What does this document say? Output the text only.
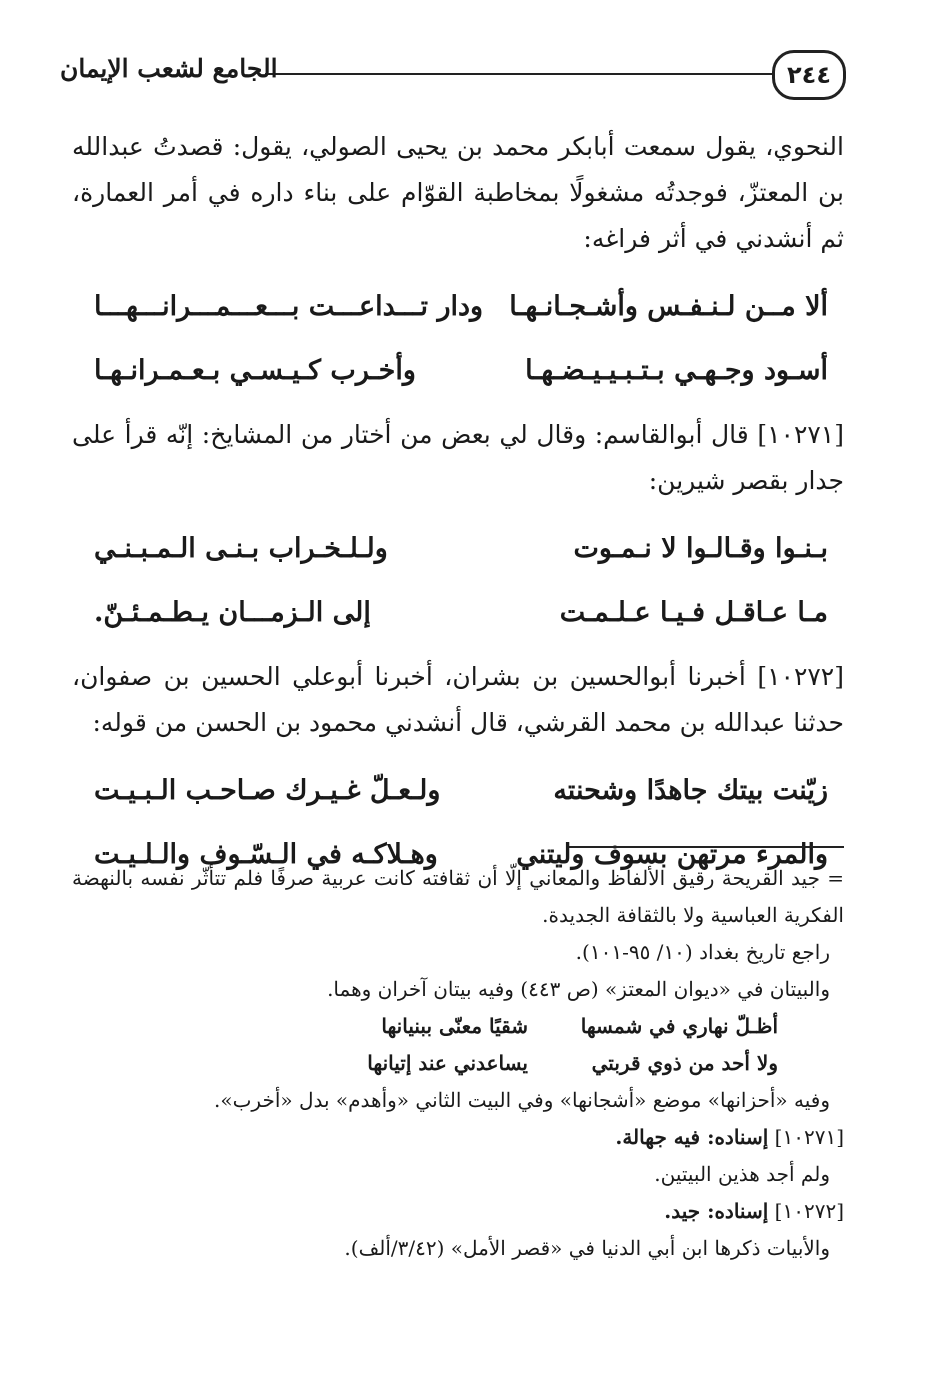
٢٤٤
الجامع لشعب الإيمان

النحوي، يقول سمعت أبابكر محمد بن يحيى الصولي، يقول: قصدتُ عبدالله بن المعتزّ، فوجدتُه مشغولًا بمخاطبة القوّام على بناء داره في أمر العمارة، ثم أنشدني في أثر فراغه:

ألا مــن لـنـفـس وأشـجـانـهـا
ودار تـــداعـــت بـــعـــمـــرانـــهـــا
أسـود وجـهـي بـتـبـيـيـضـهـا
وأخـرب كـيـسـي بـعـمـرانـهـا

[١٠٢٧١] قال أبوالقاسم: وقال لي بعض من أختار من المشايخ: إنّه قرأ على جدار بقصر شيرين:

بـنـوا وقـالـوا لا نـمـوت
ولـلـخـراب بـنـى الـمـبـنـي
مـا عـاقـل فـيـا عـلـمـت
إلى الـزمـــان يـطـمـئـنّ.

[١٠٢٧٢] أخبرنا أبوالحسين بن بشران، أخبرنا أبوعلي الحسين بن صفوان، حدثنا عبدالله بن محمد القرشي، قال أنشدني محمود بن الحسن من قوله:

زيّنت بيتك جاهدًا وشحنته
ولـعـلّ غـيـرك صـاحـب الـبـيـت
والمرء مرتهن بسوف وليتني
وهـلاكـه في الـسّـوف والـلـيـت

= جيد القريحة رقيق الألفاظ والمعاني إلّا أن ثقافته كانت عربية صرفًا فلم تتأثّر نفسه بالنهضة الفكرية العباسية ولا بالثقافة الجديدة.

راجع تاريخ بغداد (١٠/ ٩٥-١٠١).

والبيتان في «ديوان المعتز» (ص ٤٤٣) وفيه بيتان آخران وهما.

أظـلّ نهاري في شمسها
شقيًا معنّى ببنيانها
ولا أحد من ذوي قربتي
يساعدني عند إتيانها

وفيه «أحزانها» موضع «أشجانها» وفي البيت الثاني «وأهدم» بدل «أخرب».

[١٠٢٧١] إسناده: فيه جهالة.

ولم أجد هذين البيتين.

[١٠٢٧٢] إسناده: جيد.

والأبيات ذكرها ابن أبي الدنيا في «قصر الأمل» (٣/٤٢/ألف).
